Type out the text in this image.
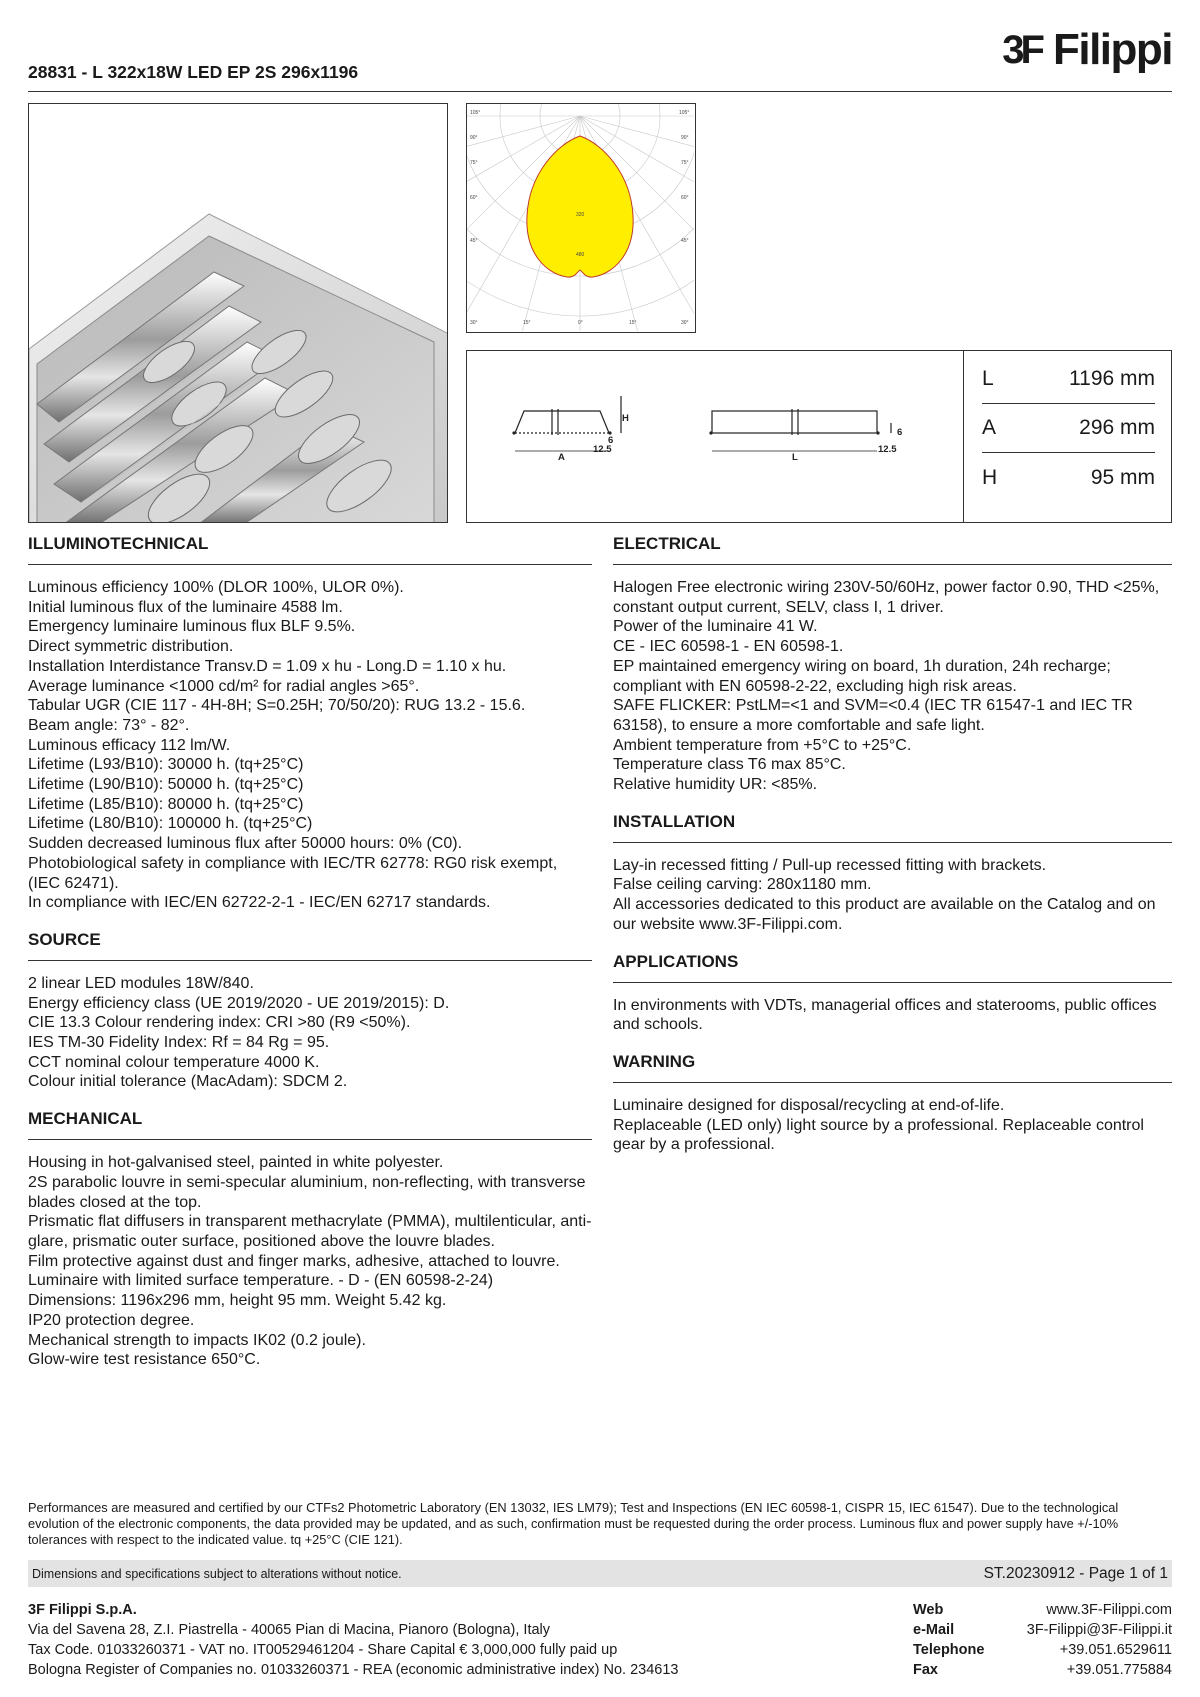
28831 - L 322x18W LED EP 2S 296x1196
3F Filippi
105°
90°
75°
60°
45°
105°
90°
75°
60°
45°
30°	15°	0°	15°	30°
320
480
H
6
12.5
A
6
12.5
L
L	1196 mm
A	296 mm
H	95 mm
ILLUMINOTECHNICAL

Luminous efficiency 100% (DLOR 100%, ULOR 0%).

Initial luminous flux of the luminaire 4588 lm.

Emergency luminaire luminous flux BLF 9.5%.

Direct symmetric distribution.

Installation Interdistance Transv.D = 1.09 x hu - Long.D = 1.10 x hu.

Average luminance <1000 cd/m² for radial angles >65°.

Tabular UGR (CIE 117 - 4H-8H; S=0.25H; 70/50/20): RUG 13.2 - 15.6.

Beam angle: 73° - 82°.

Luminous efficacy 112 lm/W.

Lifetime (L93/B10): 30000 h. (tq+25°C)

Lifetime (L90/B10): 50000 h. (tq+25°C)

Lifetime (L85/B10): 80000 h. (tq+25°C)

Lifetime (L80/B10): 100000 h. (tq+25°C)

Sudden decreased luminous flux after 50000 hours: 0% (C0).

Photobiological safety in compliance with IEC/TR 62778: RG0 risk exempt, (IEC 62471).

In compliance with IEC/EN 62722-2-1 - IEC/EN 62717 standards.

SOURCE

2 linear LED modules 18W/840.

Energy efficiency class (UE 2019/2020 - UE 2019/2015): D.

CIE 13.3 Colour rendering index: CRI >80 (R9 <50%).

IES TM-30 Fidelity Index: Rf = 84 Rg = 95.

CCT nominal colour temperature 4000 K.

Colour initial tolerance (MacAdam): SDCM 2.

MECHANICAL

Housing in hot-galvanised steel, painted in white polyester.

2S parabolic louvre in semi-specular aluminium, non-reflecting, with transverse blades closed at the top.

Prismatic flat diffusers in transparent methacrylate (PMMA), multilenticular, anti-glare, prismatic outer surface, positioned above the louvre blades.

Film protective against dust and finger marks, adhesive, attached to louvre.

Luminaire with limited surface temperature. - D - (EN 60598-2-24)

Dimensions: 1196x296 mm, height 95 mm. Weight 5.42 kg.

IP20 protection degree.

Mechanical strength to impacts IK02 (0.2 joule).

Glow-wire test resistance 650°C.

ELECTRICAL

Halogen Free electronic wiring 230V-50/60Hz, power factor 0.90, THD <25%, constant output current, SELV, class I, 1 driver.

Power of the luminaire 41 W.

CE - IEC 60598-1 - EN 60598-1.

EP maintained emergency wiring on board, 1h duration, 24h recharge; compliant with EN 60598-2-22, excluding high risk areas.

SAFE FLICKER: PstLM=<1 and SVM=<0.4 (IEC TR 61547-1 and IEC TR 63158), to ensure a more comfortable and safe light.

Ambient temperature from +5°C to +25°C.

Temperature class T6 max 85°C.

Relative humidity UR: <85%.

INSTALLATION

Lay-in recessed fitting / Pull-up recessed fitting with brackets.

False ceiling carving: 280x1180 mm.

All accessories dedicated to this product are available on the Catalog and on our website www.3F-Filippi.com.

APPLICATIONS

In environments with VDTs, managerial offices and staterooms, public offices and schools.

WARNING

Luminaire designed for disposal/recycling at end-of-life.

Replaceable (LED only) light source by a professional. Replaceable control gear by a professional.

Performances are measured and certified by our CTFs2 Photometric Laboratory (EN 13032, IES LM79); Test and Inspections (EN IEC 60598-1, CISPR 15, IEC 61547). Due to the technological evolution of the electronic components, the data provided may be updated, and as such, confirmation must be requested during the order process. Luminous flux and power supply have +/-10% tolerances with respect to the indicated value. tq +25°C (CIE 121).
Dimensions and specifications subject to alterations without notice.	ST.20230912 - Page 1 of 1
3F Filippi S.p.A.
Via del Savena 28, Z.I. Piastrella - 40065 Pian di Macina, Pianoro (Bologna), Italy
Tax Code. 01033260371 - VAT no. IT00529461204 - Share Capital € 3,000,000 fully paid up
Bologna Register of Companies no. 01033260371 - REA (economic administrative index) No. 234613
Web	www.3F-Filippi.com
e-Mail	3F-Filippi@3F-Filippi.it
Telephone	+39.051.6529611
Fax	+39.051.775884
